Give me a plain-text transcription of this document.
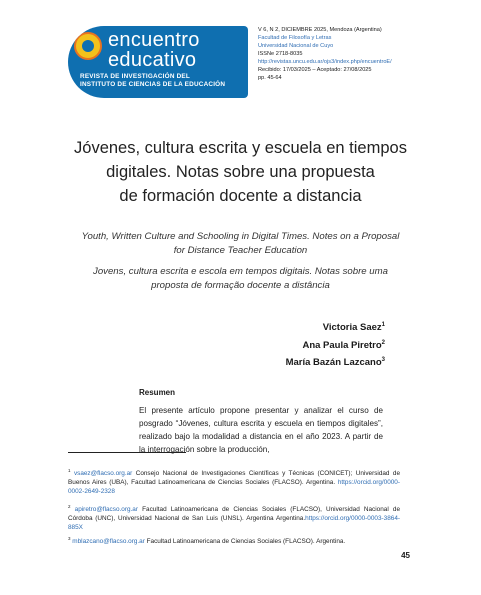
encuentro
educativo
REVISTA DE INVESTIGACIÓN DEL
INSTITUTO DE CIENCIAS DE LA EDUCACIÓN
V 6, N 2, DICIEMBRE 2025, Mendoza (Argentina)
Facultad de Filosofía y Letras
Universidad Nacional de Cuyo
ISSNe 2718-8035
http://revistas.uncu.edu.ar/ojs3/index.php/encuentroE/
Recibido: 17/03/2025 – Aceptado: 27/08/2025
pp. 45-64
Jóvenes, cultura escrita y escuela en tiempos
digitales. Notas sobre una propuesta
de formación docente a distancia
Youth, Written Culture and Schooling in Digital Times. Notes on a Proposal
for Distance Teacher Education
Jovens, cultura escrita e escola em tempos digitais. Notas sobre uma
proposta de formação docente a distância
Victoria Saez$^1$
Ana Paula Piretro$^2$
María Bazán Lazcano$^3$
Resumen
El presente artículo propone presentar y analizar el curso de posgrado “Jóvenes, cultura escrita y escuela en tiempos digitales”, realizado bajo la modalidad a distancia en el año 2023. A partir de la interrogación sobre la producción,
$^1$ vsaez@flacso.org.ar Consejo Nacional de Investigaciones Científicas y Técnicas (CONICET); Universidad de Buenos Aires (UBA), Facultad Latinoamericana de Ciencias Sociales (FLACSO). Argentina. https://orcid.org/0000-0002-2649-2328
$^2$ apiretro@flacso.org.ar Facultad Latinoamericana de Ciencias Sociales (FLACSO), Universidad Nacional de Córdoba (UNC), Universidad Nacional de San Luis (UNSL). Argentina Argentina.https://orcid.org/0000-0003-3864-885X
$^3$ mblazcano@flacso.org.ar Facultad Latinoamericana de Ciencias Sociales (FLACSO). Argentina.
45
